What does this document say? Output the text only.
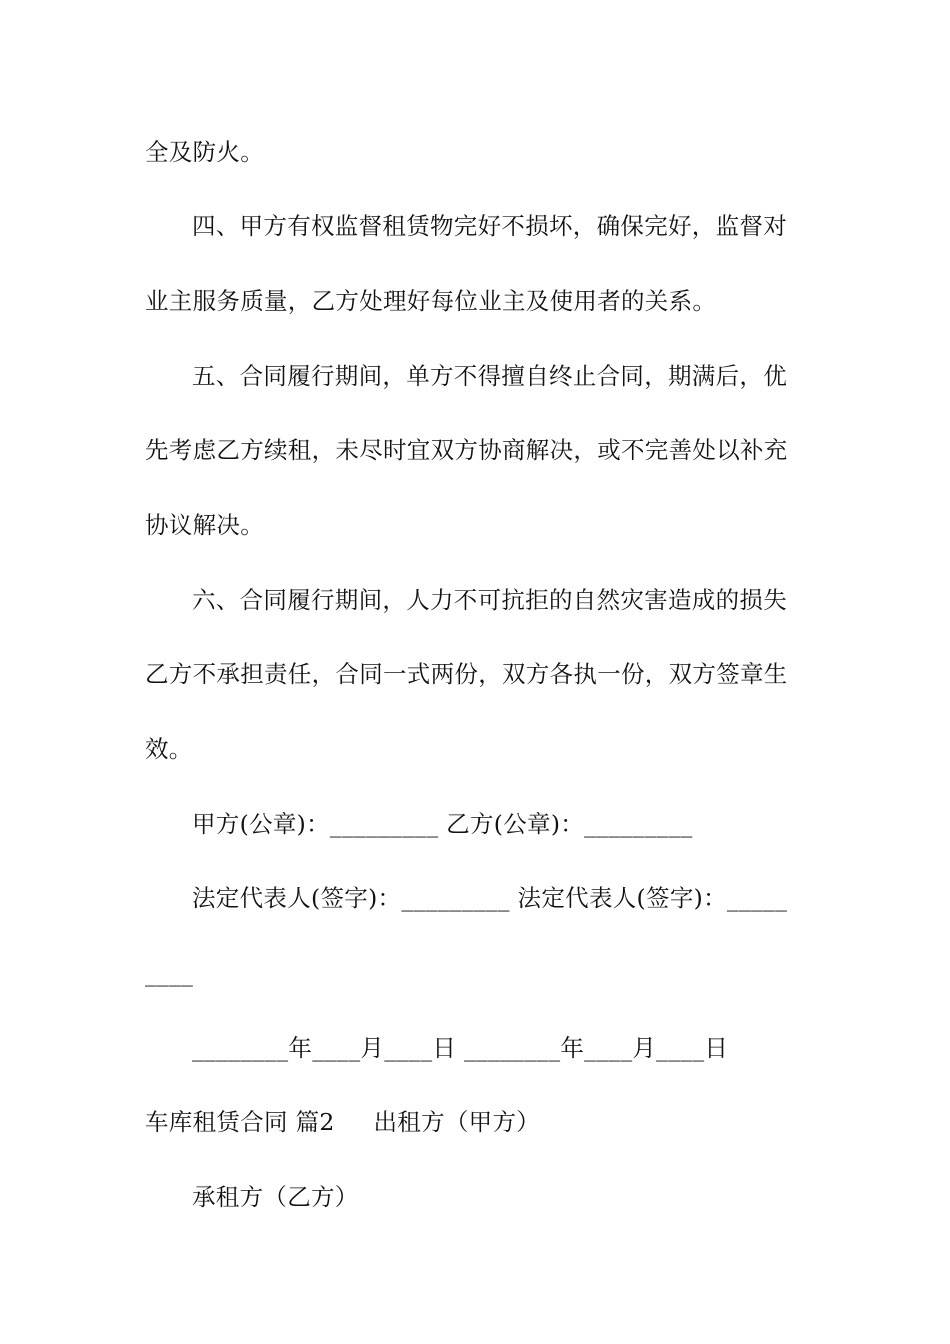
全及防火。
四、甲方有权监督租赁物完好不损坏，确保完好，监督对
业主服务质量，乙方处理好每位业主及使用者的关系。
五、合同履行期间，单方不得擅自终止合同，期满后，优
先考虑乙方续租，未尽时宜双方协商解决，或不完善处以补充
协议解决。
六、合同履行期间，人力不可抗拒的自然灾害造成的损失
乙方不承担责任，合同一式两份，双方各执一份，双方签章生
效。
甲方(公章)：_________ 乙方(公章)：_________
法定代表人(签字)：_________ 法定代表人(签字)：_____
____
________年____月____日 ________年____月____日
车库租赁合同 篇2     出租方（甲方）
承租方（乙方）
